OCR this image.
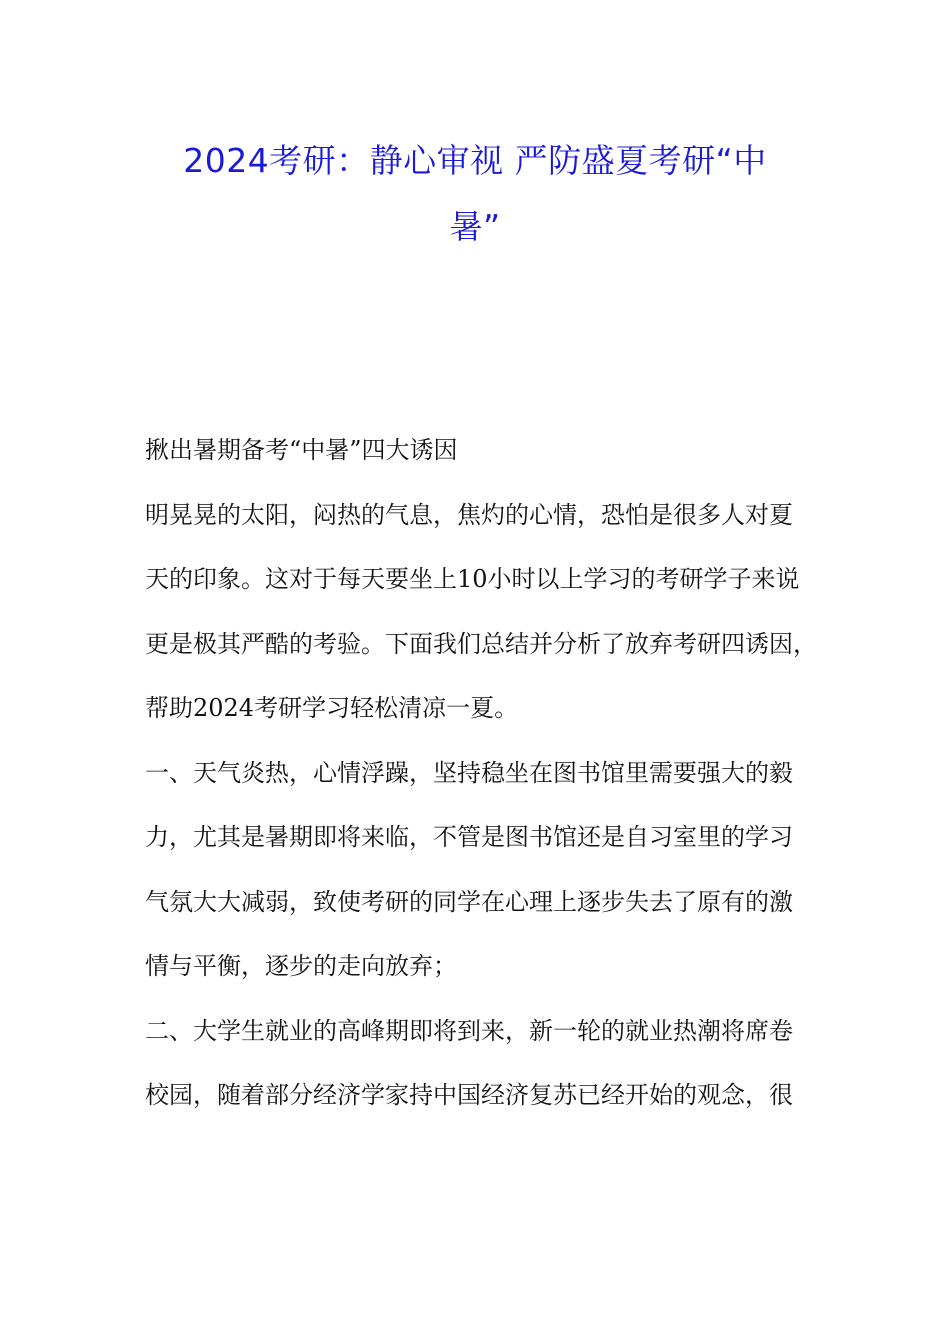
2024考研：静心审视 严防盛夏考研“中
暑”
揪出暑期备考“中暑”四大诱因
明晃晃的太阳，闷热的气息，焦灼的心情，恐怕是很多人对夏
天的印象。这对于每天要坐上10小时以上学习的考研学子来说
更是极其严酷的考验。下面我们总结并分析了放弃考研四诱因，
帮助2024考研学习轻松清凉一夏。
一、天气炎热，心情浮躁，坚持稳坐在图书馆里需要强大的毅
力，尤其是暑期即将来临，不管是图书馆还是自习室里的学习
气氛大大减弱，致使考研的同学在心理上逐步失去了原有的激
情与平衡，逐步的走向放弃；
二、大学生就业的高峰期即将到来，新一轮的就业热潮将席卷
校园，随着部分经济学家持中国经济复苏已经开始的观念，很
